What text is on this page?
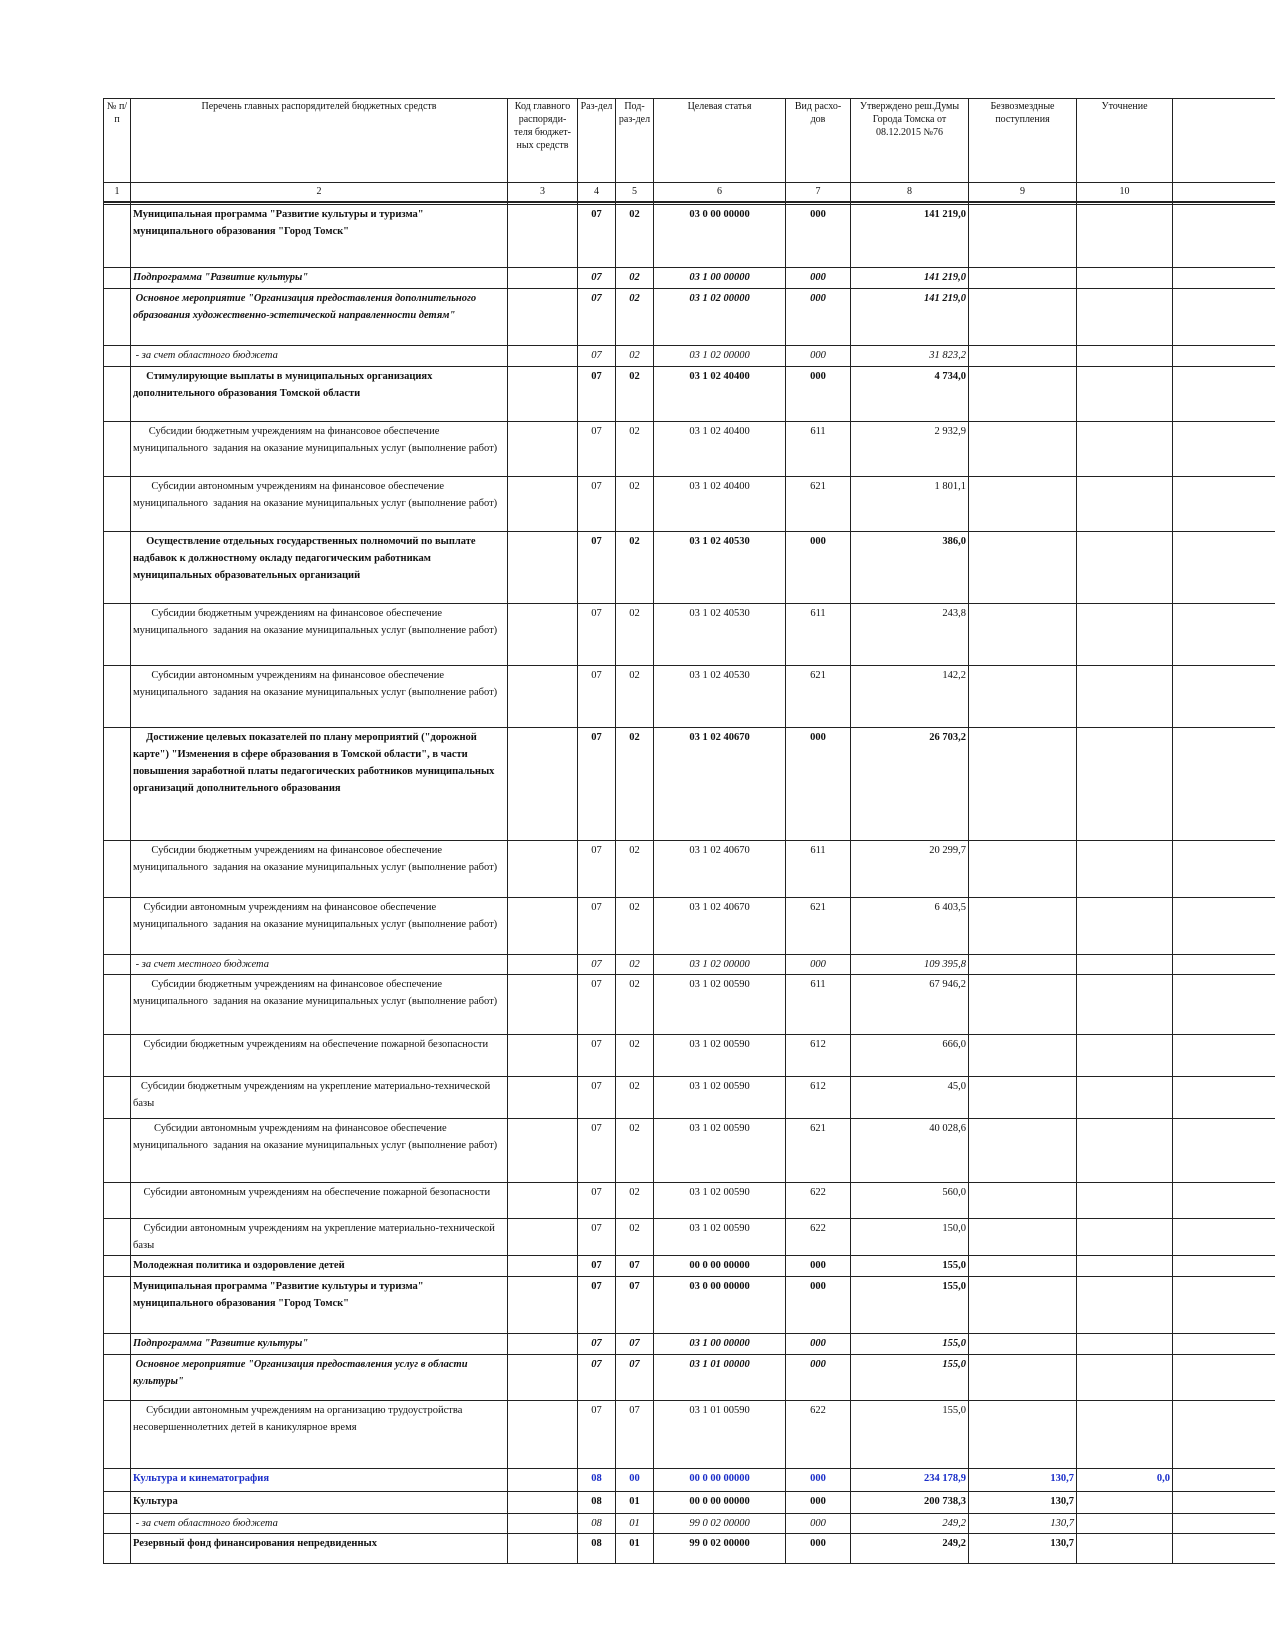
№ п/п	Перечень главных распорядителей бюджетных средств	Код главного распоряди-теля бюджет-ных средств	Раз-дел	Под-раз-дел	Целевая статья	Вид расхо-дов	Утверждено реш.Думы Города Томска от 08.12.2015 №76	Безвозмездные поступления	Уточнение	
1	2	3	4	5	6	7	8	9	10	

	Муниципальная программа "Развитие культуры и туризма" муниципального образования "Город Томск"		07	02	03 0 00 00000	000	141 219,0			
	Подпрограмма "Развитие культуры"		07	02	03 1 00 00000	000	141 219,0			
	Основное мероприятие "Организация предоставления дополнительного образования художественно-эстетической направленности детям"		07	02	03 1 02 00000	000	141 219,0			
	- за счет областного бюджета		07	02	03 1 02 00000	000	31 823,2			
	Стимулирующие выплаты в муниципальных организациях дополнительного образования Томской области		07	02	03 1 02 40400	000	4 734,0			
	Субсидии бюджетным учреждениям на финансовое обеспечение муниципального  задания на оказание муниципальных услуг (выполнение работ)		07	02	03 1 02 40400	611	2 932,9			
	Субсидии автономным учреждениям на финансовое обеспечение муниципального  задания на оказание муниципальных услуг (выполнение работ)		07	02	03 1 02 40400	621	1 801,1			
	Осуществление отдельных государственных полномочий по выплате надбавок к должностному окладу педагогическим работникам муниципальных образовательных организаций		07	02	03 1 02 40530	000	386,0			
	Субсидии бюджетным учреждениям на финансовое обеспечение муниципального  задания на оказание муниципальных услуг (выполнение работ)		07	02	03 1 02 40530	611	243,8			
	Субсидии автономным учреждениям на финансовое обеспечение муниципального  задания на оказание муниципальных услуг (выполнение работ)		07	02	03 1 02 40530	621	142,2			
	Достижение целевых показателей по плану мероприятий ("дорожной карте") "Изменения в сфере образования в Томской области", в части повышения заработной платы педагогических работников муниципальных организаций дополнительного образования		07	02	03 1 02 40670	000	26 703,2			
	Субсидии бюджетным учреждениям на финансовое обеспечение муниципального  задания на оказание муниципальных услуг (выполнение работ)		07	02	03 1 02 40670	611	20 299,7			
	Субсидии автономным учреждениям на финансовое обеспечение муниципального  задания на оказание муниципальных услуг (выполнение работ)		07	02	03 1 02 40670	621	6 403,5			
	- за счет местного бюджета		07	02	03 1 02 00000	000	109 395,8			
	Субсидии бюджетным учреждениям на финансовое обеспечение муниципального  задания на оказание муниципальных услуг (выполнение работ)		07	02	03 1 02 00590	611	67 946,2			
	Субсидии бюджетным учреждениям на обеспечение пожарной безопасности		07	02	03 1 02 00590	612	666,0			
	Субсидии бюджетным учреждениям на укрепление материально-технической базы		07	02	03 1 02 00590	612	45,0			
	Субсидии автономным учреждениям на финансовое обеспечение муниципального  задания на оказание муниципальных услуг (выполнение работ)		07	02	03 1 02 00590	621	40 028,6			
	Субсидии автономным учреждениям на обеспечение пожарной безопасности		07	02	03 1 02 00590	622	560,0			
	Субсидии автономным учреждениям на укрепление материально-технической базы		07	02	03 1 02 00590	622	150,0			
	Молодежная политика и оздоровление детей		07	07	00 0 00 00000	000	155,0			
	Муниципальная программа "Развитие культуры и туризма" муниципального образования "Город Томск"		07	07	03 0 00 00000	000	155,0			
	Подпрограмма "Развитие культуры"		07	07	03 1 00 00000	000	155,0			
	Основное мероприятие "Организация предоставления услуг в области культуры"		07	07	03 1 01 00000	000	155,0			
	Субсидии автономным учреждениям на организацию трудоустройства несовершеннолетних детей в каникулярное время		07	07	03 1 01 00590	622	155,0			
	Культура и кинематография		08	00	00 0 00 00000	000	234 178,9	130,7	0,0	
	Культура		08	01	00 0 00 00000	000	200 738,3	130,7		
	- за счет областного бюджета		08	01	99 0 02 00000	000	249,2	130,7		
	Резервный фонд финансирования непредвиденных		08	01	99 0 02 00000	000	249,2	130,7		
